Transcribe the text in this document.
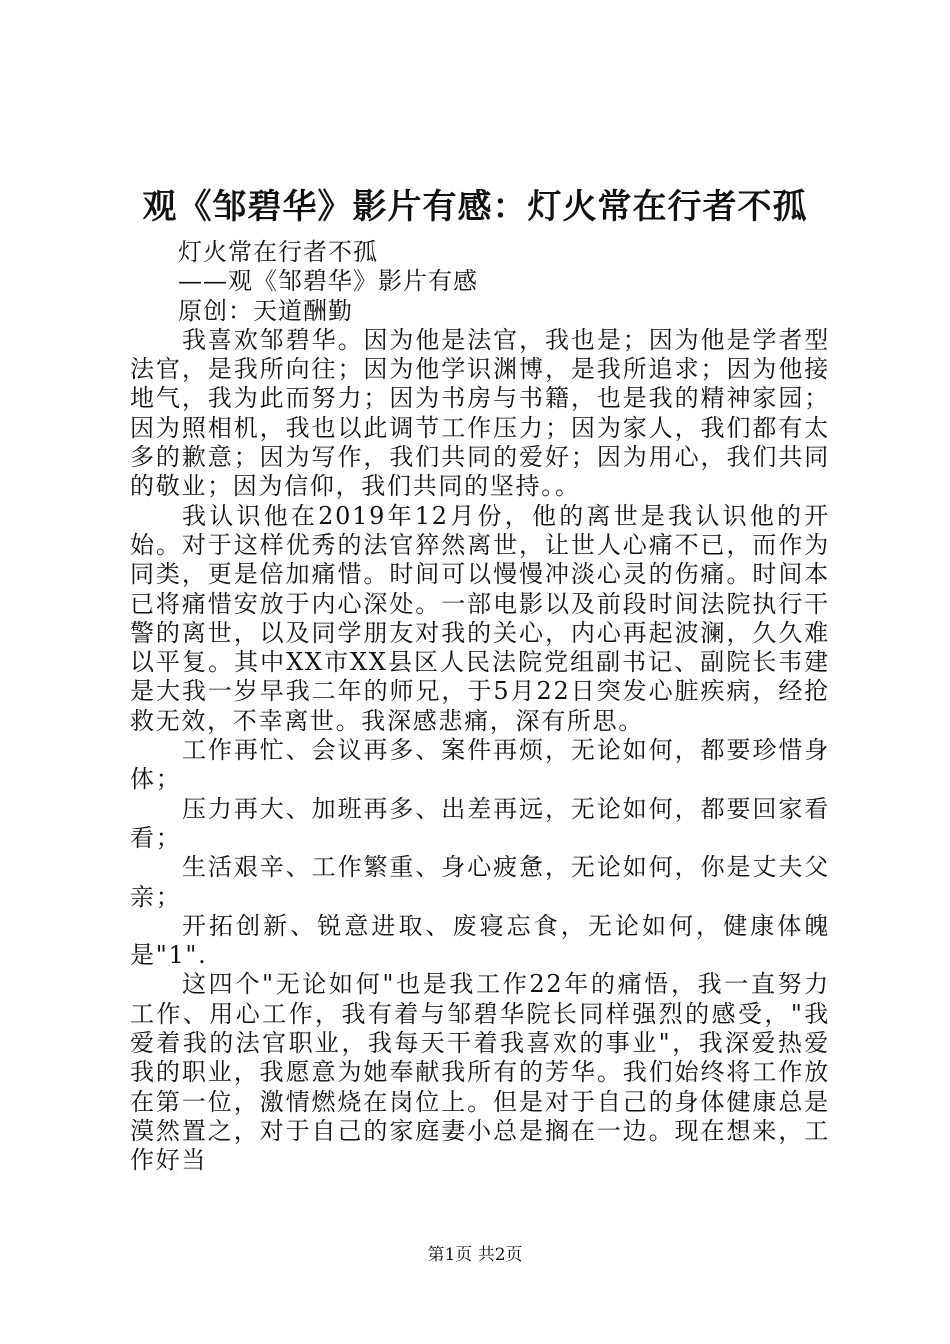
观《邹碧华》影片有感：灯火常在行者不孤

灯火常在行者不孤

——观《邹碧华》影片有感

原创：天道酬勤

我喜欢邹碧华。因为他是法官，我也是；因为他是学者型法官，是我所向往；因为他学识渊博，是我所追求；因为他接地气，我为此而努力；因为书房与书籍，也是我的精神家园；因为照相机，我也以此调节工作压力；因为家人，我们都有太多的歉意；因为写作，我们共同的爱好；因为用心，我们共同的敬业；因为信仰，我们共同的坚持。。

我认识他在2019年12月份，他的离世是我认识他的开始。对于这样优秀的法官猝然离世，让世人心痛不已，而作为同类，更是倍加痛惜。时间可以慢慢冲淡心灵的伤痛。时间本已将痛惜安放于内心深处。一部电影以及前段时间法院执行干警的离世，以及同学朋友对我的关心，内心再起波澜，久久难以平复。其中XX市XX县区人民法院党组副书记、副院长韦建是大我一岁早我二年的师兄，于5月22日突发心脏疾病，经抢救无效，不幸离世。我深感悲痛，深有所思。

工作再忙、会议再多、案件再烦，无论如何，都要珍惜身体；

压力再大、加班再多、出差再远，无论如何，都要回家看看；

生活艰辛、工作繁重、身心疲惫，无论如何，你是丈夫父亲；

开拓创新、锐意进取、废寝忘食，无论如何，健康体魄是"1".

这四个"无论如何"也是我工作22年的痛悟，我一直努力工作、用心工作，我有着与邹碧华院长同样强烈的感受，"我爱着我的法官职业，我每天干着我喜欢的事业"，我深爱热爱我的职业，我愿意为她奉献我所有的芳华。我们始终将工作放在第一位，激情燃烧在岗位上。但是对于自己的身体健康总是漠然置之，对于自己的家庭妻小总是搁在一边。现在想来，工作好当

第1页 共2页
